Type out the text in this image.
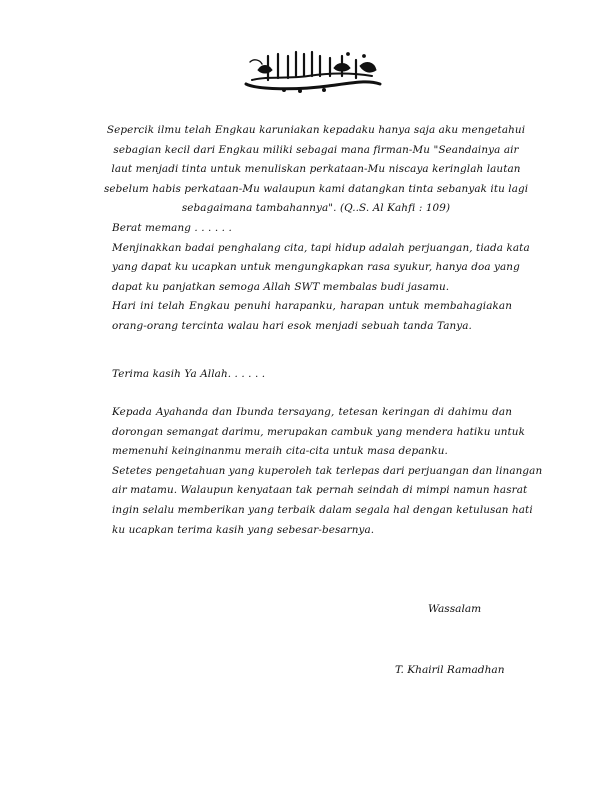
Sepercik ilmu telah Engkau karuniakan kepadaku hanya saja aku mengetahui
sebagian kecil dari Engkau miliki sebagai mana firman-Mu "Seandainya air
laut menjadi tinta untuk menuliskan perkataan-Mu niscaya keringlah lautan
sebelum habis perkataan-Mu walaupun kami datangkan tinta sebanyak itu lagi
sebagaimana tambahannya". (Q..S. Al Kahfi : 109)
Berat memang . . . . . .
Menjinakkan badai penghalang cita, tapi hidup adalah perjuangan, tiada kata
yang dapat ku ucapkan untuk mengungkapkan rasa syukur, hanya doa yang
dapat ku panjatkan semoga Allah SWT membalas budi jasamu.
Hari ini telah Engkau penuhi harapanku, harapan untuk membahagiakan
orang-orang tercinta walau hari esok menjadi sebuah tanda Tanya.
Terima kasih Ya Allah. . . . . .
Kepada Ayahanda dan Ibunda tersayang, tetesan keringan di dahimu dan
dorongan semangat darimu, merupakan cambuk yang mendera hatiku untuk
memenuhi keinginanmu meraih cita-cita untuk masa depanku.
Setetes pengetahuan yang kuperoleh tak terlepas dari perjuangan dan linangan
air matamu. Walaupun kenyataan tak pernah seindah di mimpi namun hasrat
ingin selalu memberikan yang terbaik dalam segala hal dengan ketulusan hati
ku ucapkan terima kasih yang sebesar-besarnya.
Wassalam
T. Khairil Ramadhan
